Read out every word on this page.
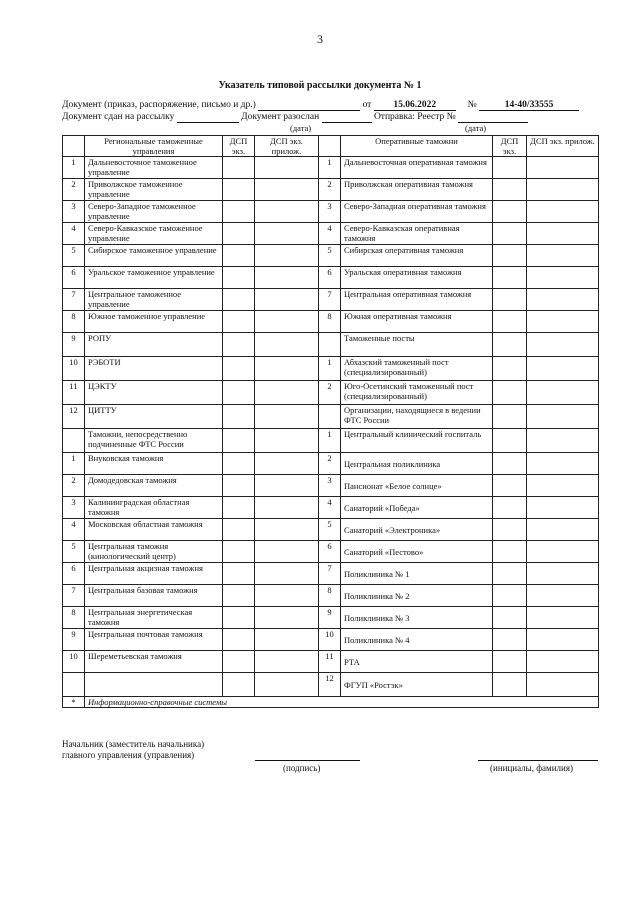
3
Указатель типовой рассылки документа № 1
Документ (приказ, распоряжение, письмо и др.)	от 15.06.2022	№	14-40/33555
Документ сдан на рассылку	Документ разослан	Отправка: Реестр №
(дата)	(дата)
	Региональные таможенные управления	ДСП экз.	ДСП экз. прилож.		Оперативные таможни	ДСП экз.	ДСП экз. прилож.
1	Дальневосточное таможенное управление			1	Дальневосточная оперативная таможня		
2	Приволжское таможенное управление			2	Приволжская оперативная таможня		
3	Северо-Западное таможенное управление			3	Северо-Западная оперативная таможня		
4	Северо-Кавказское таможенное управление			4	Северо-Кавказская оперативная таможня		
5	Сибирское таможенное управление			5	Сибирская оперативная таможня		
6	Уральское таможенное управление			6	Уральская оперативная таможня		
7	Центральное таможенное управление			7	Центральная оперативная таможня		
8	Южное таможенное управление			8	Южная оперативная таможня		
9	РОПУ				Таможенные посты		
10	РЭБОТИ			1	Абхазский таможенный пост (специализированный)		
11	ЦЭКТУ			2	Юго-Осетинский таможенный пост (специализированный)		
12	ЦИТТУ				Организации, находящиеся в ведении ФТС России		
	Таможни, непосредственно подчиненные ФТС России			1	Центральный клинический госпиталь		
1	Внуковская таможня			2	Центральная поликлиника		
2	Домодедовская таможня			3	Пансионат «Белое солнце»		
3	Калининградская областная таможня			4	Санаторий «Победа»		
4	Московская областная таможня			5	Санаторий «Электроника»		
5	Центральная таможня (кинологический центр)			6	Санаторий «Пестово»		
6	Центральная акцизная таможня			7	Поликлиника № 1		
7	Центральная базовая таможня			8	Поликлиника № 2		
8	Центральная энергетическая таможня			9	Поликлиника № 3		
9	Центральная почтовая таможня			10	Поликлиника № 4		
10	Шереметьевская таможня			11	РТА		
				12	ФГУП «Ростэк»		
*	Информационно-справочные системы						
Начальник (заместитель начальника)
главного управления (управления)
(подпись)	(инициалы, фамилия)
